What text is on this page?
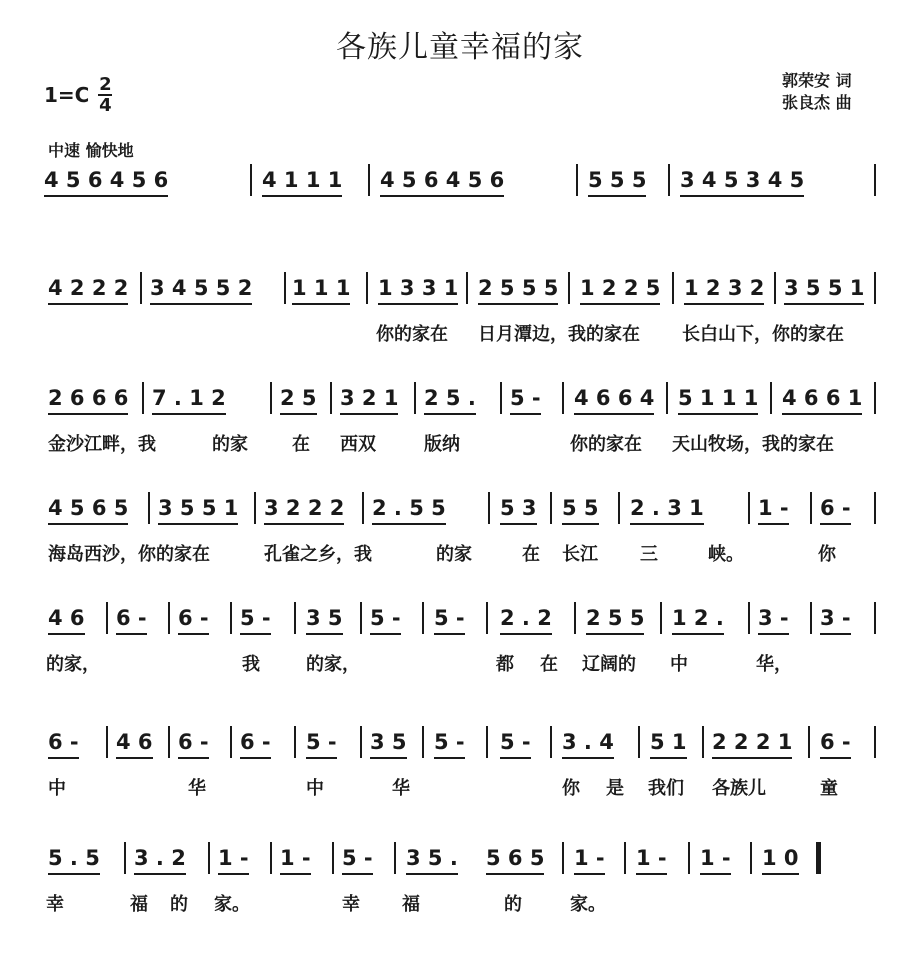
各族儿童幸福的家
$1=C \frac{2}{4}$	郭荣安 词
张良杰 曲
中速 愉快地
4 5 6 4 5 6	4 1 1 1 4 5 6 4 5 6	5 5 5 3 4 5 3 4 5
4 2 2 2 3 4 5 5 2 1 1 1 1 3 3 1 2 5 5 5 1 2 2 5 1 2 3 2 3 5 5 1
你的家在 日月潭边，我的家在 长白山下，你的家在
2 6 6 6 7 . 1 2	2 5 3 2 1 2 5 . 5 - 4 6 6 4 5 1 1 1 4 6 6 1
金沙江畔，我	的家 在 西双	版纳	你的家在 天山牧场，我的家在
4 5 6 5 3 5 5 1 3 2 2 2 2 . 5 5	5 3 5 5 2 . 3 1	1 - 6 -
海岛西沙，你的家在	孔雀之乡，我	的家	在 长江 三	峡。	你
4 6 6 - 6 - 5 - 3 5 5 - 5 - 2 . 2 2 5 5 1 2 . 3 - 3 -
的家，	我	的家，	都 在 辽阔的 中	华，
6 - 4 6 6 - 6 - 5 - 3 5 5 - 5 - 3 . 4 5 1 2 2 2 1 6 -
中	华	中	华	你 是 我们 各族儿	童
5 . 5 3 . 2 1 - 1 - 5 - 3 5 . 5 6 5 1 - 1 - 1 - 1 0
幸	福 的 家。	幸 福	的	家。
